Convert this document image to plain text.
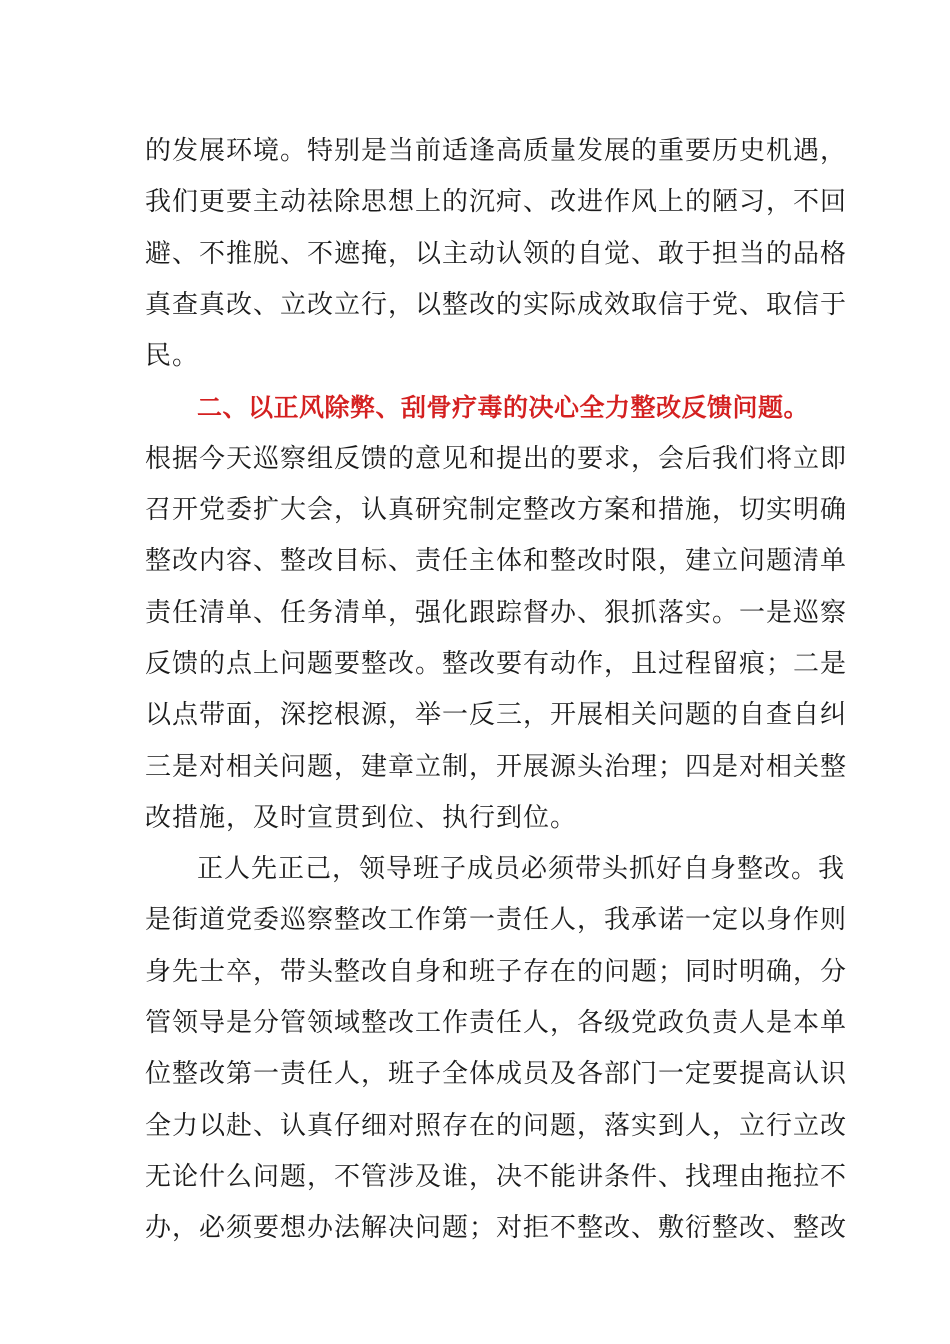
的发展环境。特别是当前适逢高质量发展的重要历史机遇，
我们更要主动祛除思想上的沉疴、改进作风上的陋习，不回
避、不推脱、不遮掩，以主动认领的自觉、敢于担当的品格
真查真改、立改立行，以整改的实际成效取信于党、取信于
民。
二、以正风除弊、刮骨疗毒的决心全力整改反馈问题。
根据今天巡察组反馈的意见和提出的要求，会后我们将立即
召开党委扩大会，认真研究制定整改方案和措施，切实明确
整改内容、整改目标、责任主体和整改时限，建立问题清单
责任清单、任务清单，强化跟踪督办、狠抓落实。一是巡察
反馈的点上问题要整改。整改要有动作，且过程留痕；二是
以点带面，深挖根源，举一反三，开展相关问题的自查自纠
三是对相关问题，建章立制，开展源头治理；四是对相关整
改措施，及时宣贯到位、执行到位。
正人先正己，领导班子成员必须带头抓好自身整改。我
是街道党委巡察整改工作第一责任人，我承诺一定以身作则
身先士卒，带头整改自身和班子存在的问题；同时明确，分
管领导是分管领域整改工作责任人，各级党政负责人是本单
位整改第一责任人，班子全体成员及各部门一定要提高认识
全力以赴、认真仔细对照存在的问题，落实到人，立行立改
无论什么问题，不管涉及谁，决不能讲条件、找理由拖拉不
办，必须要想办法解决问题；对拒不整改、敷衍整改、整改
